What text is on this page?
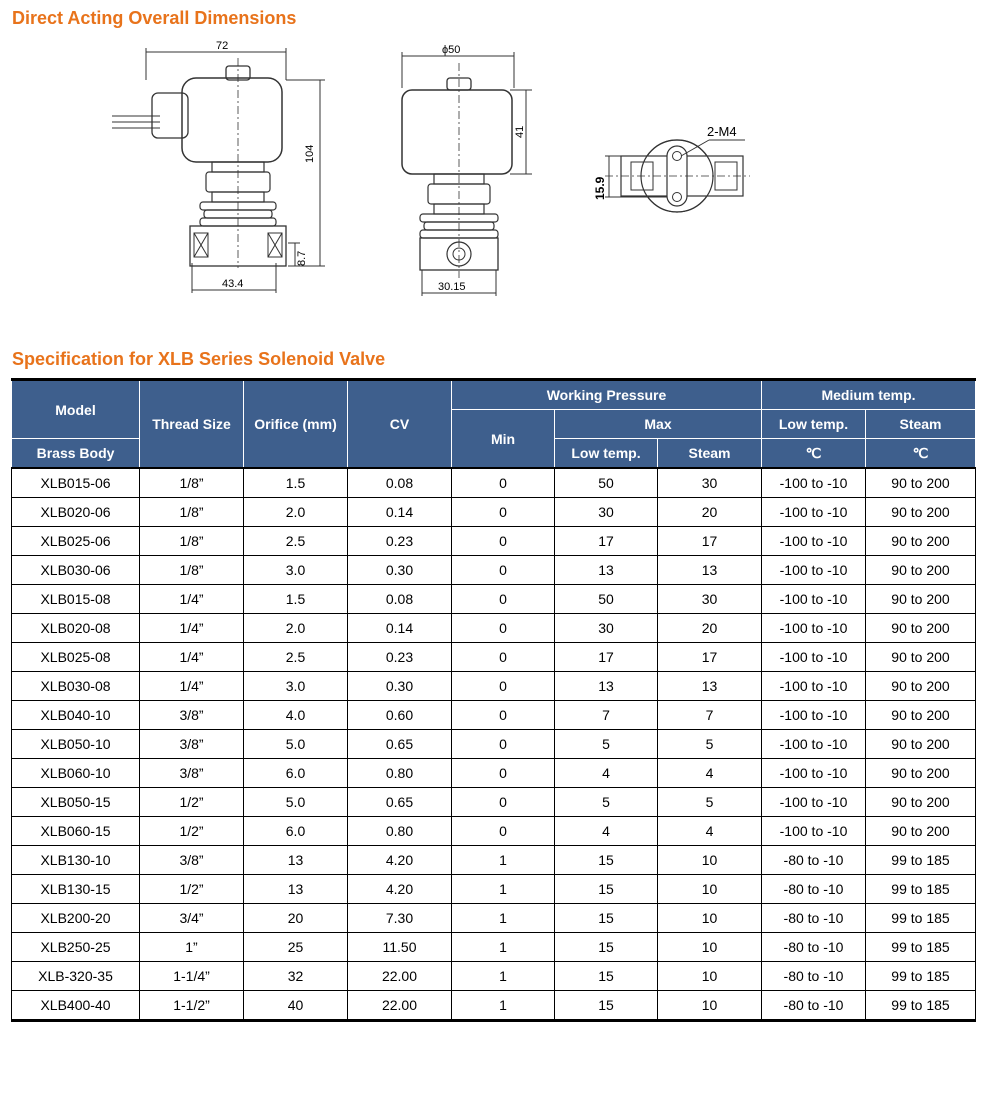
Direct Acting Overall Dimensions
72
104
8.7
43.4
ϕ50
41
30.15
2-M4
15.9
Specification for XLB Series Solenoid Valve
Model	Thread Size	Orifice (mm)	CV	Working Pressure			Medium temp.	
				Min	Max		Low temp.	Steam
Brass Body					Low temp.	Steam	℃	℃
XLB015-06	1/8”	1.5	0.08	0	50	30	-100 to -10	90 to 200
XLB020-06	1/8”	2.0	0.14	0	30	20	-100 to -10	90 to 200
XLB025-06	1/8”	2.5	0.23	0	17	17	-100 to -10	90 to 200
XLB030-06	1/8”	3.0	0.30	0	13	13	-100 to -10	90 to 200
XLB015-08	1/4”	1.5	0.08	0	50	30	-100 to -10	90 to 200
XLB020-08	1/4”	2.0	0.14	0	30	20	-100 to -10	90 to 200
XLB025-08	1/4”	2.5	0.23	0	17	17	-100 to -10	90 to 200
XLB030-08	1/4”	3.0	0.30	0	13	13	-100 to -10	90 to 200
XLB040-10	3/8”	4.0	0.60	0	7	7	-100 to -10	90 to 200
XLB050-10	3/8”	5.0	0.65	0	5	5	-100 to -10	90 to 200
XLB060-10	3/8”	6.0	0.80	0	4	4	-100 to -10	90 to 200
XLB050-15	1/2”	5.0	0.65	0	5	5	-100 to -10	90 to 200
XLB060-15	1/2”	6.0	0.80	0	4	4	-100 to -10	90 to 200
XLB130-10	3/8”	13	4.20	1	15	10	-80 to -10	99 to 185
XLB130-15	1/2”	13	4.20	1	15	10	-80 to -10	99 to 185
XLB200-20	3/4”	20	7.30	1	15	10	-80 to -10	99 to 185
XLB250-25	1”	25	11.50	1	15	10	-80 to -10	99 to 185
XLB-320-35	1-1/4”	32	22.00	1	15	10	-80 to -10	99 to 185
XLB400-40	1-1/2”	40	22.00	1	15	10	-80 to -10	99 to 185
